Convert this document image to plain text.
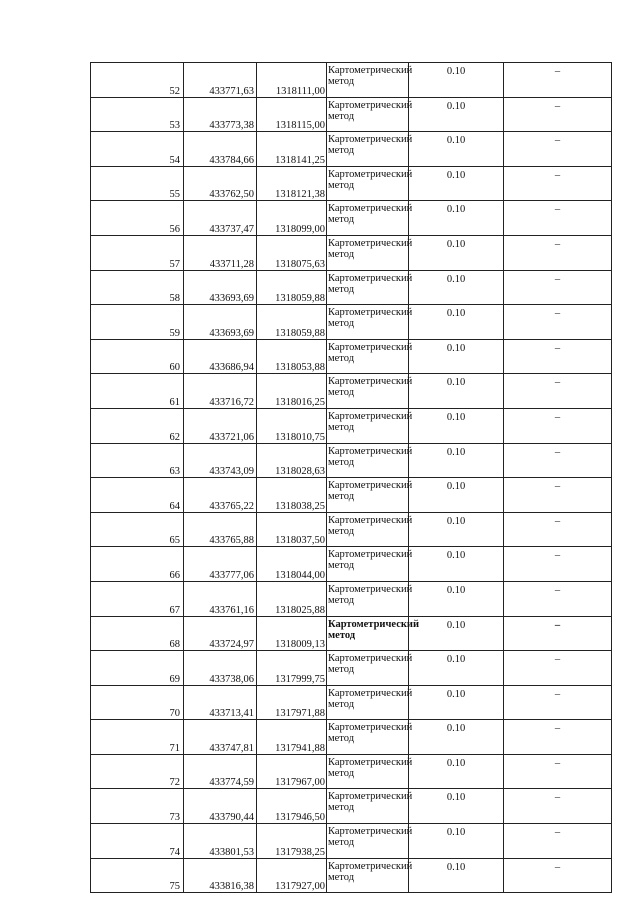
52	433771,63	1318111,00	Картометрический метод	0.10	–
53	433773,38	1318115,00	Картометрический метод	0.10	–
54	433784,66	1318141,25	Картометрический метод	0.10	–
55	433762,50	1318121,38	Картометрический метод	0.10	–
56	433737,47	1318099,00	Картометрический метод	0.10	–
57	433711,28	1318075,63	Картометрический метод	0.10	–
58	433693,69	1318059,88	Картометрический метод	0.10	–
59	433693,69	1318059,88	Картометрический метод	0.10	–
60	433686,94	1318053,88	Картометрический метод	0.10	–
61	433716,72	1318016,25	Картометрический метод	0.10	–
62	433721,06	1318010,75	Картометрический метод	0.10	–
63	433743,09	1318028,63	Картометрический метод	0.10	–
64	433765,22	1318038,25	Картометрический метод	0.10	–
65	433765,88	1318037,50	Картометрический метод	0.10	–
66	433777,06	1318044,00	Картометрический метод	0.10	–
67	433761,16	1318025,88	Картометрический метод	0.10	–
68	433724,97	1318009,13	Картометрический метод	0.10	–
69	433738,06	1317999,75	Картометрический метод	0.10	–
70	433713,41	1317971,88	Картометрический метод	0.10	–
71	433747,81	1317941,88	Картометрический метод	0.10	–
72	433774,59	1317967,00	Картометрический метод	0.10	–
73	433790,44	1317946,50	Картометрический метод	0.10	–
74	433801,53	1317938,25	Картометрический метод	0.10	–
75	433816,38	1317927,00	Картометрический метод	0.10	–
